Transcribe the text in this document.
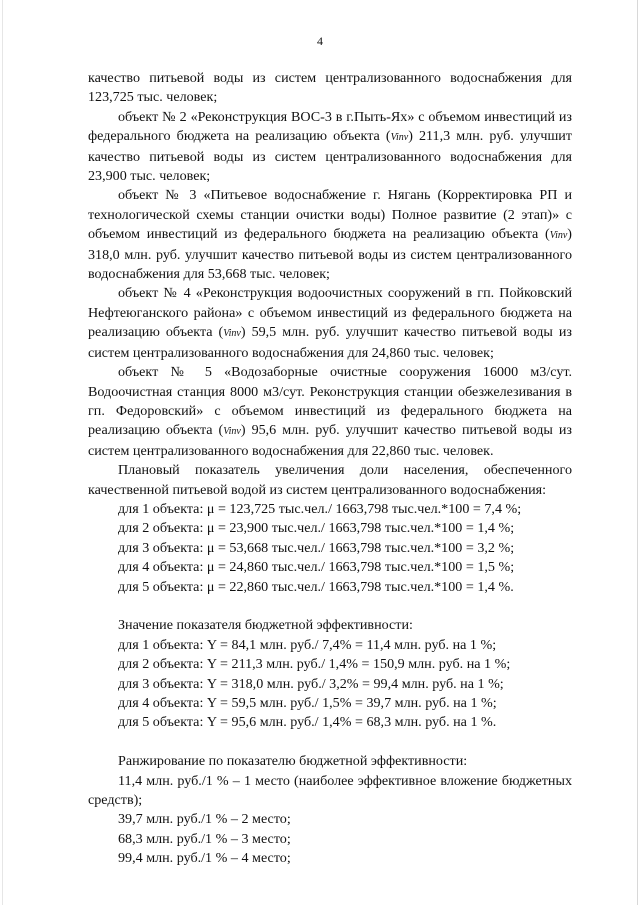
4

качество питьевой воды из систем централизованного водоснабжения для 123,725 тыс. человек;

объект № 2 «Реконструкция ВОС-3 в г.Пыть-Ях» с объемом инвестиций из федерального бюджета на реализацию объекта (Vinv) 211,3 млн. руб. улучшит качество питьевой воды из систем централизованного водоснабжения для 23,900 тыс. человек;

объект № 3 «Питьевое водоснабжение г. Нягань (Корректировка РП и технологической схемы станции очистки воды) Полное развитие (2 этап)» с объемом инвестиций из федерального бюджета на реализацию объекта (Vinv) 318,0 млн. руб. улучшит качество питьевой воды из систем централизованного водоснабжения для 53,668 тыс. человек;

объект № 4 «Реконструкция водоочистных сооружений в гп. Пойковский Нефтеюганского района» с объемом инвестиций из федерального бюджета на реализацию объекта (Vinv) 59,5 млн. руб. улучшит качество питьевой воды из систем централизованного водоснабжения для 24,860 тыс. человек;

объект № 5 «Водозаборные очистные сооружения 16000 м3/сут. Водоочистная станция 8000 м3/сут. Реконструкция станции обезжелезивания в гп. Федоровский» с объемом инвестиций из федерального бюджета на реализацию объекта (Vinv) 95,6 млн. руб. улучшит качество питьевой воды из систем централизованного водоснабжения для 22,860 тыс. человек.

Плановый показатель увеличения доли населения, обеспеченного качественной питьевой водой из систем централизованного водоснабжения:

для 1 объекта: μ = 123,725 тыс.чел./ 1663,798 тыс.чел.*100 = 7,4 %;

для 2 объекта: μ = 23,900 тыс.чел./ 1663,798 тыс.чел.*100 = 1,4 %;

для 3 объекта: μ = 53,668 тыс.чел./ 1663,798 тыс.чел.*100 = 3,2 %;

для 4 объекта: μ = 24,860 тыс.чел./ 1663,798 тыс.чел.*100 = 1,5 %;

для 5 объекта: μ = 22,860 тыс.чел./ 1663,798 тыс.чел.*100 = 1,4 %.

Значение показателя бюджетной эффективности:

для 1 объекта: Y = 84,1 млн. руб./ 7,4% = 11,4 млн. руб. на 1 %;

для 2 объекта: Y = 211,3 млн. руб./ 1,4% = 150,9 млн. руб. на 1 %;

для 3 объекта: Y = 318,0 млн. руб./ 3,2% = 99,4 млн. руб. на 1 %;

для 4 объекта: Y = 59,5 млн. руб./ 1,5% = 39,7 млн. руб. на 1 %;

для 5 объекта: Y = 95,6 млн. руб./ 1,4% = 68,3 млн. руб. на 1 %.

Ранжирование по показателю бюджетной эффективности:

11,4 млн. руб./1 % – 1 место (наиболее эффективное вложение бюджетных средств);

39,7 млн. руб./1 % – 2 место;

68,3 млн. руб./1 % – 3 место;

99,4 млн. руб./1 % – 4 место;
